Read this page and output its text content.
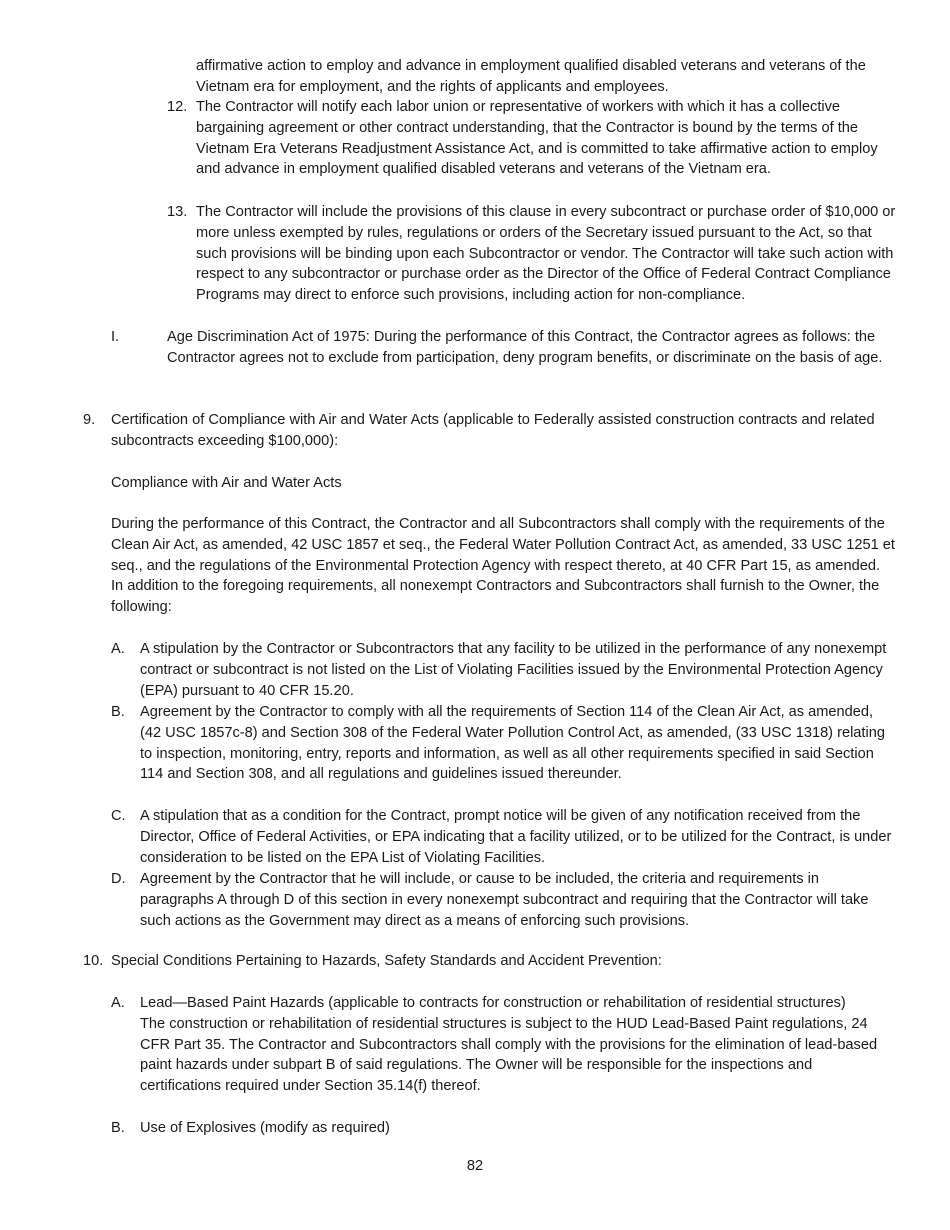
affirmative action to employ and advance in employment qualified disabled veterans and veterans of the Vietnam era for employment, and the rights of applicants and employees.

12. The Contractor will notify each labor union or representative of workers with which it has a collective bargaining agreement or other contract understanding, that the Contractor is bound by the terms of the Vietnam Era Veterans Readjustment Assistance Act, and is committed to take affirmative action to employ and advance in employment qualified disabled veterans and veterans of the Vietnam era.

13. The Contractor will include the provisions of this clause in every subcontract or purchase order of $10,000 or more unless exempted by rules, regulations or orders of the Secretary issued pursuant to the Act, so that such provisions will be binding upon each Subcontractor or vendor. The Contractor will take such action with respect to any subcontractor or purchase order as the Director of the Office of Federal Contract Compliance Programs may direct to enforce such provisions, including action for non-compliance.

I.	Age Discrimination Act of 1975: During the performance of this Contract, the Contractor agrees as follows: the Contractor agrees not to exclude from participation, deny program benefits, or discriminate on the basis of age.

9. Certification of Compliance with Air and Water Acts (applicable to Federally assisted construction contracts and related subcontracts exceeding $100,000):

Compliance with Air and Water Acts

During the performance of this Contract, the Contractor and all Subcontractors shall comply with the requirements of the Clean Air Act, as amended, 42 USC 1857 et seq., the Federal Water Pollution Contract Act, as amended, 33 USC 1251 et seq., and the regulations of the Environmental Protection Agency with respect thereto, at 40 CFR Part 15, as amended. In addition to the foregoing requirements, all nonexempt Contractors and Subcontractors shall furnish to the Owner, the following:

A. A stipulation by the Contractor or Subcontractors that any facility to be utilized in the performance of any nonexempt contract or subcontract is not listed on the List of Violating Facilities issued by the Environmental Protection Agency (EPA) pursuant to 40 CFR 15.20.

B. Agreement by the Contractor to comply with all the requirements of Section 114 of the Clean Air Act, as amended, (42 USC 1857c-8) and Section 308 of the Federal Water Pollution Control Act, as amended, (33 USC 1318) relating to inspection, monitoring, entry, reports and information, as well as all other requirements specified in said Section 114 and Section 308, and all regulations and guidelines issued thereunder.

C. A stipulation that as a condition for the Contract, prompt notice will be given of any notification received from the Director, Office of Federal Activities, or EPA indicating that a facility utilized, or to be utilized for the Contract, is under consideration to be listed on the EPA List of Violating Facilities.

D. Agreement by the Contractor that he will include, or cause to be included, the criteria and requirements in paragraphs A through D of this section in every nonexempt subcontract and requiring that the Contractor will take such actions as the Government may direct as a means of enforcing such provisions.

10. Special Conditions Pertaining to Hazards, Safety Standards and Accident Prevention:

A. Lead—Based Paint Hazards (applicable to contracts for construction or rehabilitation of residential structures)

The construction or rehabilitation of residential structures is subject to the HUD Lead-Based Paint regulations, 24 CFR Part 35. The Contractor and Subcontractors shall comply with the provisions for the elimination of lead-based paint hazards under subpart B of said regulations. The Owner will be responsible for the inspections and certifications required under Section 35.14(f) thereof.

B. Use of Explosives (modify as required)

82
